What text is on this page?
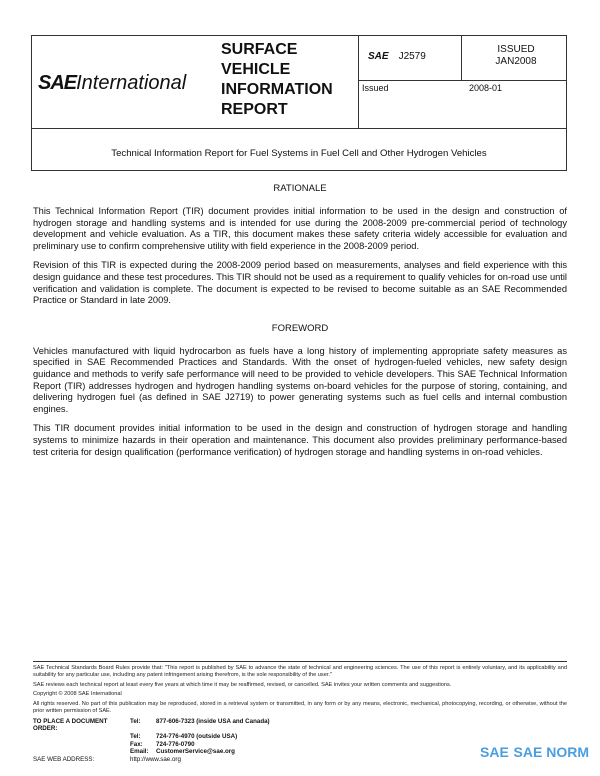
SAEInternational
SURFACE
VEHICLE
INFORMATION
REPORT
SAE J2579
ISSUED
JAN2008
Issued	2008-01
Technical Information Report for Fuel Systems in Fuel Cell and Other Hydrogen Vehicles
RATIONALE

This Technical Information Report (TIR) document provides initial information to be used in the design and construction of hydrogen storage and handling systems and is intended for use during the 2008-2009 pre-commercial period of technology development and vehicle evaluation. As a TIR, this document makes these safety criteria widely accessible for evaluation and preliminary use to confirm comprehensive utility with field experience in the 2008-2009 period.

Revision of this TIR is expected during the 2008-2009 period based on measurements, analyses and field experience with this design guidance and these test procedures. This TIR should not be used as a requirement to qualify vehicles for on-road use until verification and validation is complete. The document is expected to be revised to become suitable as an SAE Recommended Practice or Standard in late 2009.

FOREWORD

Vehicles manufactured with liquid hydrocarbon as fuels have a long history of implementing appropriate safety measures as specified in SAE Recommended Practices and Standards. With the onset of hydrogen-fueled vehicles, new safety design guidance and methods to verify safe performance will need to be provided to vehicle developers. This SAE Technical Information Report (TIR) addresses hydrogen and hydrogen handling systems on-board vehicles for the purpose of storing, containing, and delivering hydrogen fuel (as defined in SAE J2719) to power generating systems such as fuel cells and internal combustion engines.

This TIR document provides initial information to be used in the design and construction of hydrogen storage and handling systems to minimize hazards in their operation and maintenance. This document also provides preliminary performance-based test criteria for design qualification (performance verification) of hydrogen storage and handling systems in on-road vehicles.

SAE Technical Standards Board Rules provide that: "This report is published by SAE to advance the state of technical and engineering sciences. The use of this report is entirely voluntary, and its applicability and suitability for any particular use, including any patent infringement arising therefrom, is the sole responsibility of the user."

SAE reviews each technical report at least every five years at which time it may be reaffirmed, revised, or cancelled. SAE invites your written comments and suggestions.

Copyright © 2008 SAE International

All rights reserved. No part of this publication may be reproduced, stored in a retrieval system or transmitted, in any form or by any means, electronic, mechanical, photocopying, recording, or otherwise, without the prior written permission of SAE.

TO PLACE A DOCUMENT ORDER:
Tel: 877-606-7323 (inside USA and Canada)
Tel: 724-776-4970 (outside USA)
Fax: 724-776-0790
Email: CustomerService@sae.org
SAE WEB ADDRESS:	http://www.sae.org	SAE SAE NORM
